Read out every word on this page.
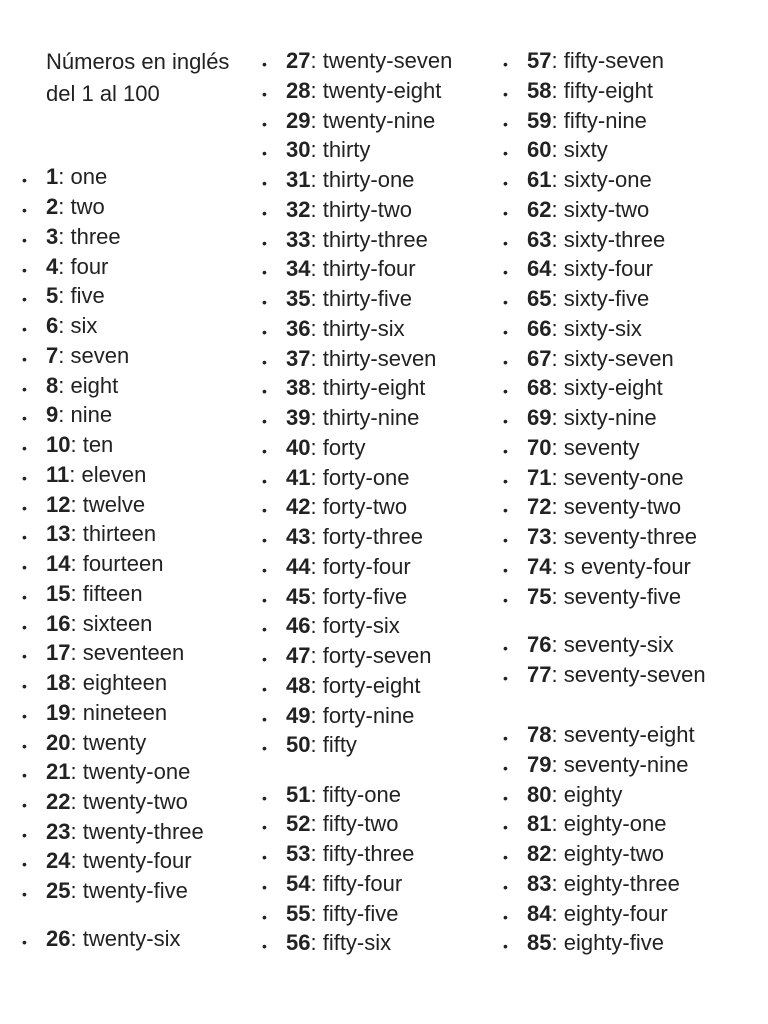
Números en inglés del 1 al 100
• 1: one
• 2: two
• 3: three
• 4: four
• 5: five
• 6: six
• 7: seven
• 8: eight
• 9: nine
• 10: ten
• 11: eleven
• 12: twelve
• 13: thirteen
• 14: fourteen
• 15: fifteen
• 16: sixteen
• 17: seventeen
• 18: eighteen
• 19: nineteen
• 20: twenty
• 21: twenty-one
• 22: twenty-two
• 23: twenty-three
• 24: twenty-four
• 25: twenty-five
• 26: twenty-six
• 27: twenty-seven
• 28: twenty-eight
• 29: twenty-nine
• 30: thirty
• 31: thirty-one
• 32: thirty-two
• 33: thirty-three
• 34: thirty-four
• 35: thirty-five
• 36: thirty-six
• 37: thirty-seven
• 38: thirty-eight
• 39: thirty-nine
• 40: forty
• 41: forty-one
• 42: forty-two
• 43: forty-three
• 44: forty-four
• 45: forty-five
• 46: forty-six
• 47: forty-seven
• 48: forty-eight
• 49: forty-nine
• 50: fifty
• 51: fifty-one
• 52: fifty-two
• 53: fifty-three
• 54: fifty-four
• 55: fifty-five
• 56: fifty-six
• 57: fifty-seven
• 58: fifty-eight
• 59: fifty-nine
• 60: sixty
• 61: sixty-one
• 62: sixty-two
• 63: sixty-three
• 64: sixty-four
• 65: sixty-five
• 66: sixty-six
• 67: sixty-seven
• 68: sixty-eight
• 69: sixty-nine
• 70: seventy
• 71: seventy-one
• 72: seventy-two
• 73: seventy-three
• 74: s eventy-four
• 75: seventy-five
• 76: seventy-six
• 77: seventy-seven
• 78: seventy-eight
• 79: seventy-nine
• 80: eighty
• 81: eighty-one
• 82: eighty-two
• 83: eighty-three
• 84: eighty-four
• 85: eighty-five
